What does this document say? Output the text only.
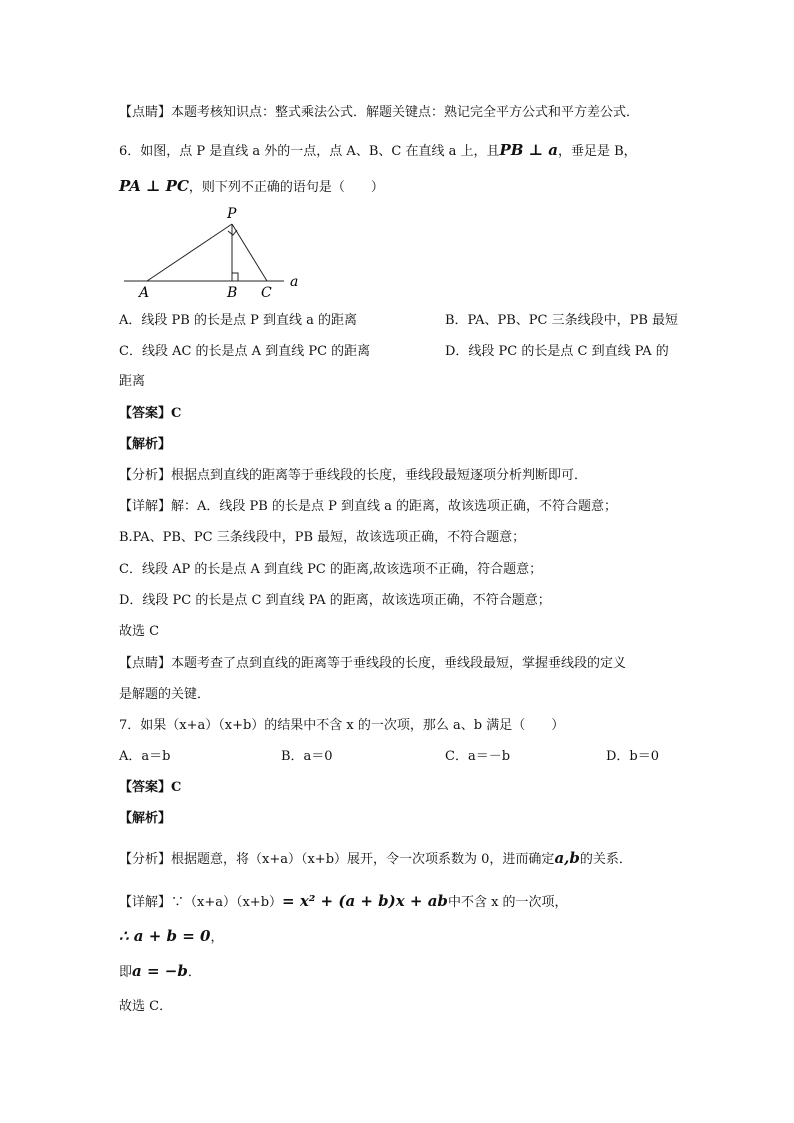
【点睛】本题考核知识点：整式乘法公式．解题关键点：熟记完全平方公式和平方差公式．
6．如图，点 P 是直线 a 外的一点，点 A、B、C 在直线 a 上，且PB ⊥ a，垂足是 B，
PA ⊥ PC，则下列不正确的语句是（　　）
P
A	B C
a
A．线段 PB 的长是点 P 到直线 a 的距离	B．PA、PB、PC 三条线段中，PB 最短
C．线段 AC 的长是点 A 到直线 PC 的距离	D．线段 PC 的长是点 C 到直线 PA 的
距离
【答案】C
【解析】
【分析】根据点到直线的距离等于垂线段的长度，垂线段最短逐项分析判断即可．
【详解】解：A．线段 PB 的长是点 P 到直线 a 的距离，故该选项正确，不符合题意；
B.PA、PB、PC 三条线段中，PB 最短，故该选项正确，不符合题意；
C．线段 AP 的长是点 A 到直线 PC 的距离,故该选项不正确，符合题意；
D．线段 PC 的长是点 C 到直线 PA 的距离，故该选项正确，不符合题意；
故选 C
【点睛】本题考查了点到直线的距离等于垂线段的长度，垂线段最短，掌握垂线段的定义
是解题的关键．
7．如果（x+a）（x+b）的结果中不含 x 的一次项，那么 a、b 满足（　　）
A．a＝b	B．a＝0	C．a＝－b	D．b＝0
【答案】C
【解析】
【分析】根据题意，将（x+a）（x+b）展开，令一次项系数为 0，进而确定a,b的关系．
【详解】∵（x+a）（x+b）= x² + (a + b)x + ab中不含 x 的一次项，
∴ a + b = 0，
即a = −b．
故选 C．
